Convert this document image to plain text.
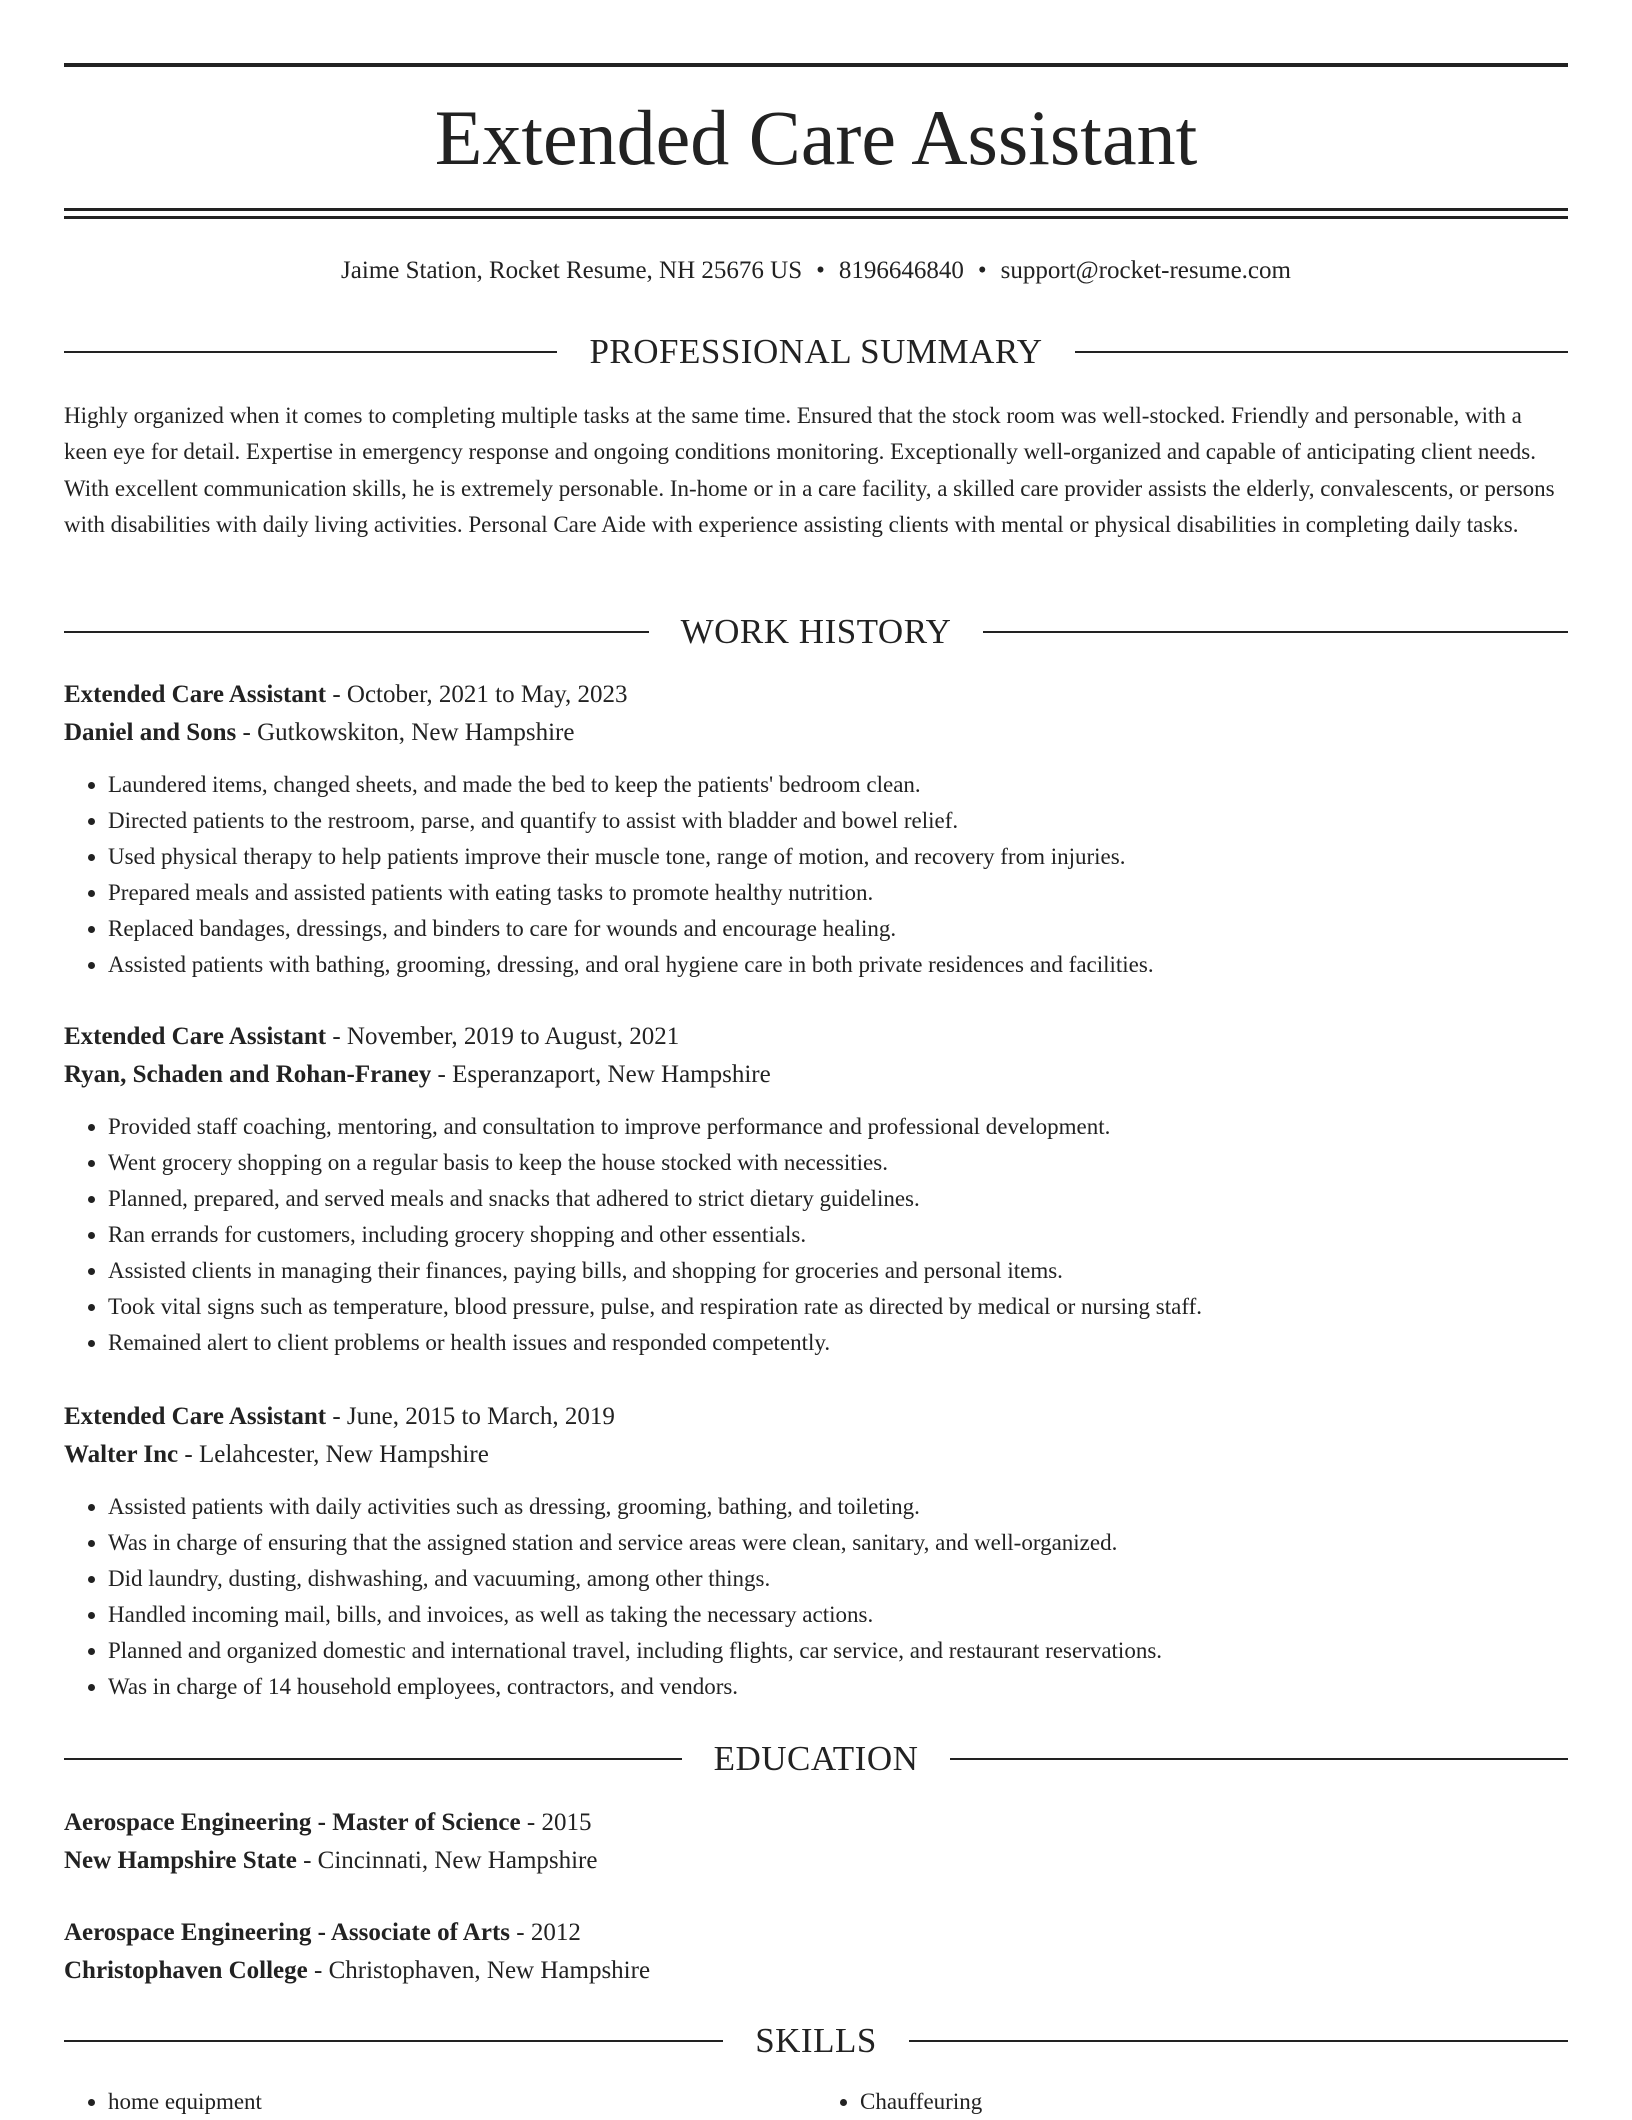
Extended Care Assistant
Jaime Station, Rocket Resume, NH 25676 US • 8196646840 • support@rocket-resume.com
PROFESSIONAL SUMMARY

Highly organized when it comes to completing multiple tasks at the same time. Ensured that the stock room was well-stocked. Friendly and personable, with a keen eye for detail. Expertise in emergency response and ongoing conditions monitoring. Exceptionally well-organized and capable of anticipating client needs. With excellent communication skills, he is extremely personable. In-home or in a care facility, a skilled care provider assists the elderly, convalescents, or persons with disabilities with daily living activities. Personal Care Aide with experience assisting clients with mental or physical disabilities in completing daily tasks.

WORK HISTORY
Extended Care Assistant - October, 2021 to May, 2023
Daniel and Sons - Gutkowskiton, New Hampshire
• Laundered items, changed sheets, and made the bed to keep the patients' bedroom clean.
• Directed patients to the restroom, parse, and quantify to assist with bladder and bowel relief.
• Used physical therapy to help patients improve their muscle tone, range of motion, and recovery from injuries.
• Prepared meals and assisted patients with eating tasks to promote healthy nutrition.
• Replaced bandages, dressings, and binders to care for wounds and encourage healing.
• Assisted patients with bathing, grooming, dressing, and oral hygiene care in both private residences and facilities.
Extended Care Assistant - November, 2019 to August, 2021
Ryan, Schaden and Rohan-Franey - Esperanzaport, New Hampshire
• Provided staff coaching, mentoring, and consultation to improve performance and professional development.
• Went grocery shopping on a regular basis to keep the house stocked with necessities.
• Planned, prepared, and served meals and snacks that adhered to strict dietary guidelines.
• Ran errands for customers, including grocery shopping and other essentials.
• Assisted clients in managing their finances, paying bills, and shopping for groceries and personal items.
• Took vital signs such as temperature, blood pressure, pulse, and respiration rate as directed by medical or nursing staff.
• Remained alert to client problems or health issues and responded competently.
Extended Care Assistant - June, 2015 to March, 2019
Walter Inc - Lelahcester, New Hampshire
• Assisted patients with daily activities such as dressing, grooming, bathing, and toileting.
• Was in charge of ensuring that the assigned station and service areas were clean, sanitary, and well-organized.
• Did laundry, dusting, dishwashing, and vacuuming, among other things.
• Handled incoming mail, bills, and invoices, as well as taking the necessary actions.
• Planned and organized domestic and international travel, including flights, car service, and restaurant reservations.
• Was in charge of 14 household employees, contractors, and vendors.
EDUCATION
Aerospace Engineering - Master of Science - 2015
New Hampshire State - Cincinnati, New Hampshire
Aerospace Engineering - Associate of Arts - 2012
Christophaven College - Christophaven, New Hampshire
SKILLS
• home equipment
•	Chauffeuring
